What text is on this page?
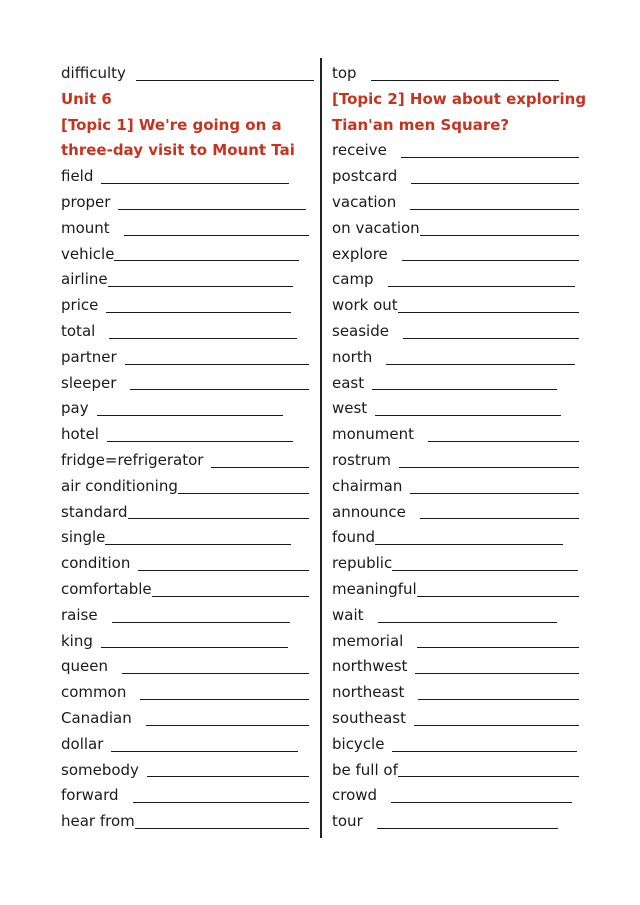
difficulty
Unit 6
[Topic 1] We're going on a
three-day visit to Mount Tai
field
proper
mount
vehicle
airline
price
total
partner
sleeper
pay
hotel
fridge=refrigerator
air conditioning
standard
single
condition
comfortable
raise
king
queen
common
Canadian
dollar
somebody
forward
hear from
top
[Topic 2] How about exploring
Tian'an men Square?
receive
postcard
vacation
on vacation
explore
camp
work out
seaside
north
east
west
monument
rostrum
chairman
announce
found
republic
meaningful
wait
memorial
northwest
northeast
southeast
bicycle
be full of
crowd
tour
